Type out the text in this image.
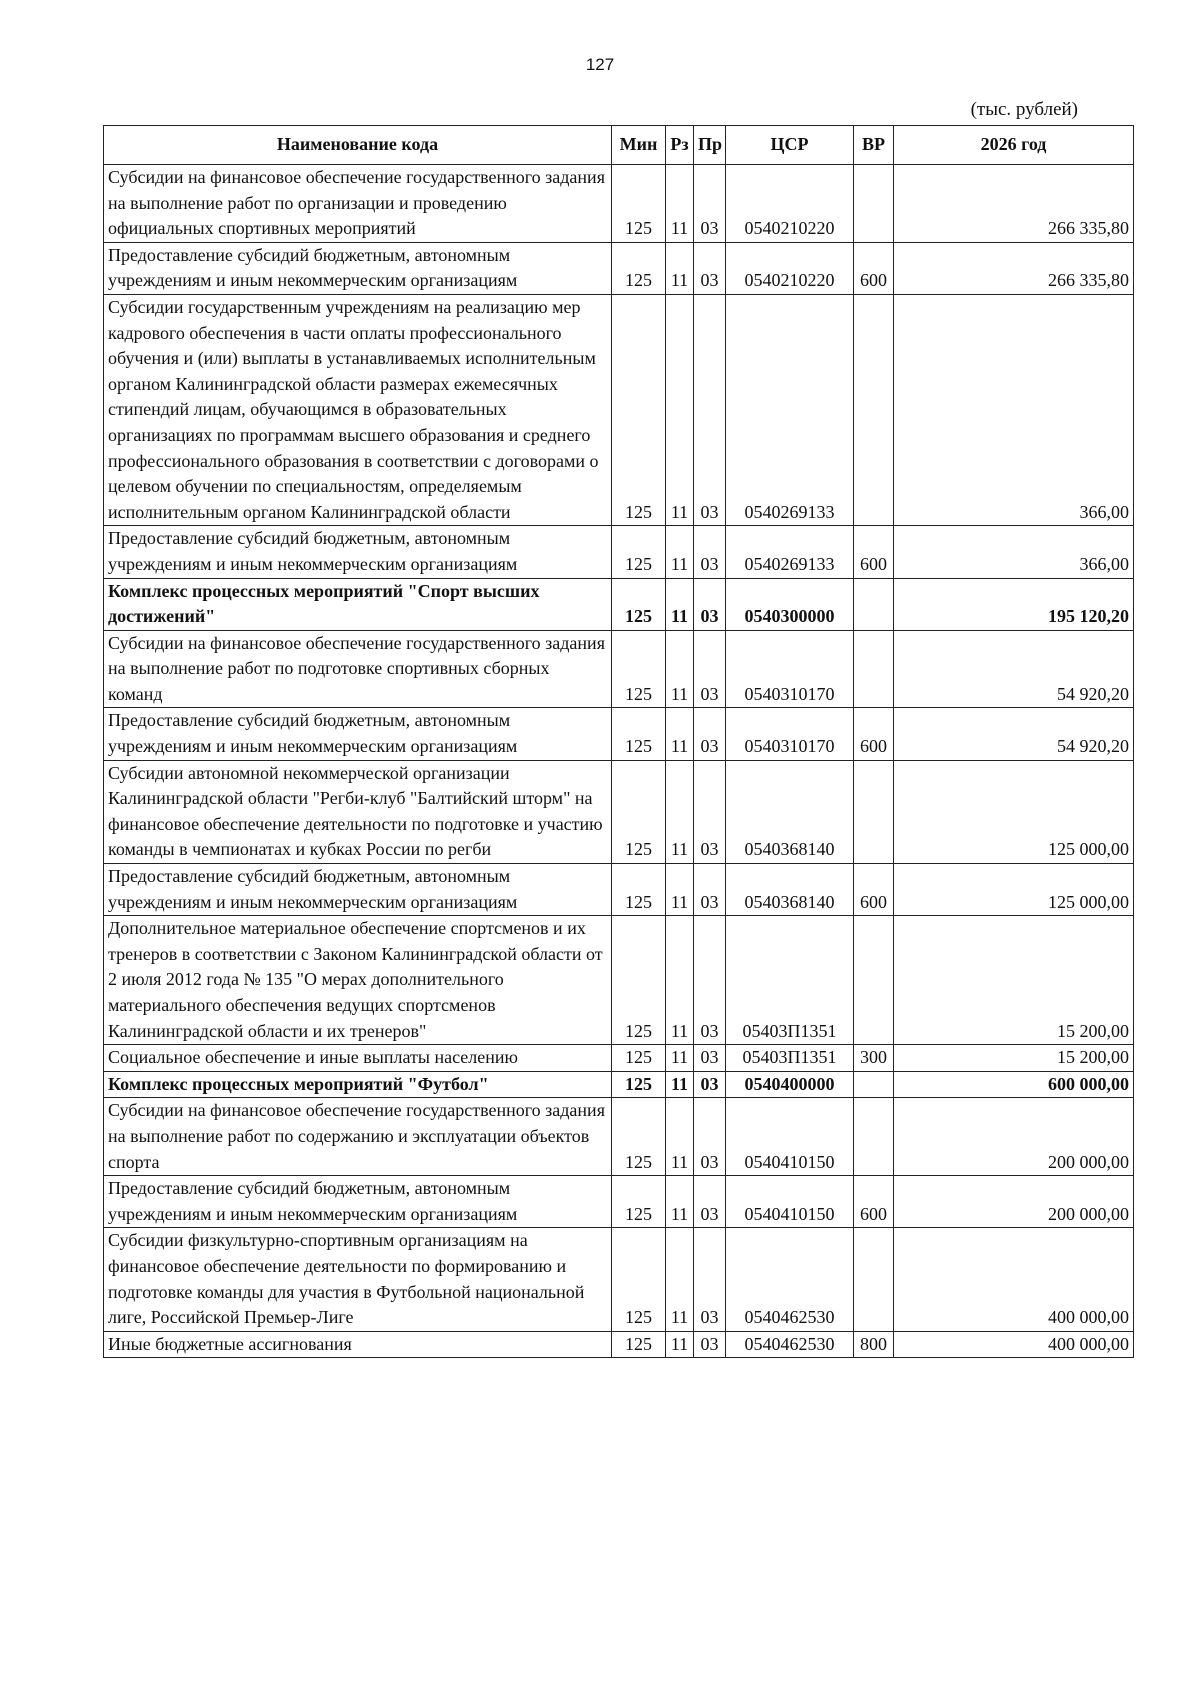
127
(тыс. рублей)
Наименование кода	Мин	Рз	Пр	ЦСР	ВР	2026 год
Субсидии на финансовое обеспечение государственного задания на выполнение работ по организации и проведению официальных спортивных мероприятий	125	11	03	0540210220		266 335,80
Предоставление субсидий бюджетным, автономным учреждениям и иным некоммерческим организациям	125	11	03	0540210220	600	266 335,80
Субсидии государственным учреждениям на реализацию мер кадрового обеспечения в части оплаты профессионального обучения и (или) выплаты в устанавливаемых исполнительным органом Калининградской области размерах ежемесячных стипендий лицам, обучающимся в образовательных организациях по программам высшего образования и среднего профессионального образования в соответствии с договорами о целевом обучении по специальностям, определяемым исполнительным органом Калининградской области	125	11	03	0540269133		366,00
Предоставление субсидий бюджетным, автономным учреждениям и иным некоммерческим организациям	125	11	03	0540269133	600	366,00
Комплекс процессных мероприятий "Спорт высших достижений"	125	11	03	0540300000		195 120,20
Субсидии на финансовое обеспечение государственного задания на выполнение работ по подготовке спортивных сборных команд	125	11	03	0540310170		54 920,20
Предоставление субсидий бюджетным, автономным учреждениям и иным некоммерческим организациям	125	11	03	0540310170	600	54 920,20
Субсидии автономной некоммерческой организации Калининградской области "Регби-клуб "Балтийский шторм" на финансовое обеспечение деятельности по подготовке и участию команды в чемпионатах и кубках России по регби	125	11	03	0540368140		125 000,00
Предоставление субсидий бюджетным, автономным учреждениям и иным некоммерческим организациям	125	11	03	0540368140	600	125 000,00
Дополнительное материальное обеспечение спортсменов и их тренеров в соответствии с Законом Калининградской области от 2 июля 2012 года № 135 "О мерах дополнительного материального обеспечения ведущих спортсменов Калининградской области и их тренеров"	125	11	03	05403П1351		15 200,00
Социальное обеспечение и иные выплаты населению	125	11	03	05403П1351	300	15 200,00
Комплекс процессных мероприятий "Футбол"	125	11	03	0540400000		600 000,00
Субсидии на финансовое обеспечение государственного задания на выполнение работ по содержанию и эксплуатации объектов спорта	125	11	03	0540410150		200 000,00
Предоставление субсидий бюджетным, автономным учреждениям и иным некоммерческим организациям	125	11	03	0540410150	600	200 000,00
Субсидии физкультурно-спортивным организациям на финансовое обеспечение деятельности по формированию и подготовке команды для участия в Футбольной национальной лиге, Российской Премьер-Лиге	125	11	03	0540462530		400 000,00
Иные бюджетные ассигнования	125	11	03	0540462530	800	400 000,00
